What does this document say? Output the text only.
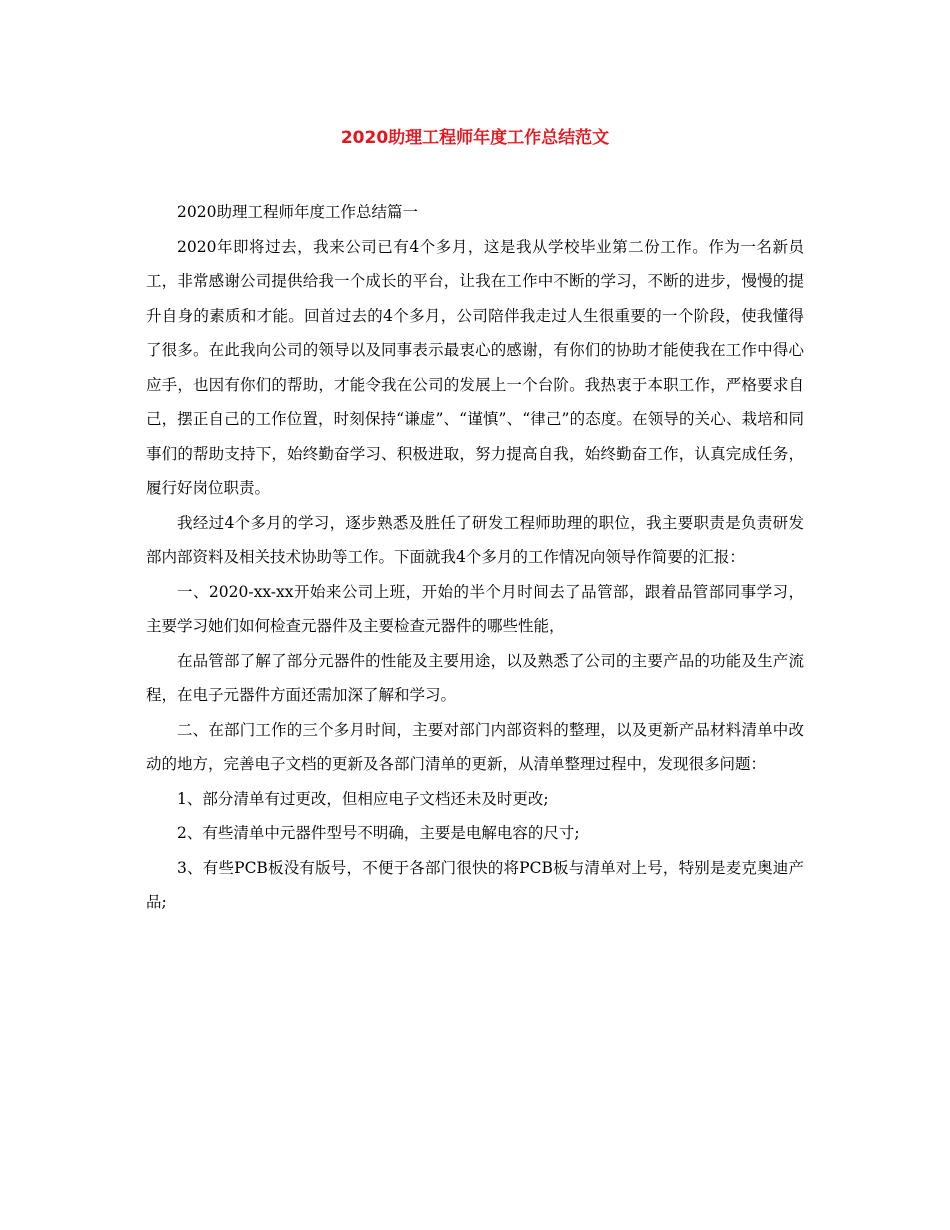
2020助理工程师年度工作总结范文

2020助理工程师年度工作总结篇一

2020年即将过去，我来公司已有4个多月，这是我从学校毕业第二份工作。作为一名新员工，非常感谢公司提供给我一个成长的平台，让我在工作中不断的学习，不断的进步，慢慢的提升自身的素质和才能。回首过去的4个多月，公司陪伴我走过人生很重要的一个阶段，使我懂得了很多。在此我向公司的领导以及同事表示最衷心的感谢，有你们的协助才能使我在工作中得心应手，也因有你们的帮助，才能令我在公司的发展上一个台阶。我热衷于本职工作，严格要求自己，摆正自己的工作位置，时刻保持“谦虚”、“谨慎”、“律己”的态度。在领导的关心、栽培和同事们的帮助支持下，始终勤奋学习、积极进取，努力提高自我，始终勤奋工作，认真完成任务，履行好岗位职责。

我经过4个多月的学习，逐步熟悉及胜任了研发工程师助理的职位，我主要职责是负责研发部内部资料及相关技术协助等工作。下面就我4个多月的工作情况向领导作简要的汇报：

一、2020-xx-xx开始来公司上班，开始的半个月时间去了品管部，跟着品管部同事学习，主要学习她们如何检查元器件及主要检查元器件的哪些性能，

在品管部了解了部分元器件的性能及主要用途，以及熟悉了公司的主要产品的功能及生产流程，在电子元器件方面还需加深了解和学习。

二、在部门工作的三个多月时间，主要对部门内部资料的整理，以及更新产品材料清单中改动的地方，完善电子文档的更新及各部门清单的更新，从清单整理过程中，发现很多问题：

1、部分清单有过更改，但相应电子文档还未及时更改;

2、有些清单中元器件型号不明确，主要是电解电容的尺寸;

3、有些PCB板没有版号，不便于各部门很快的将PCB板与清单对上号，特别是麦克奥迪产品;
